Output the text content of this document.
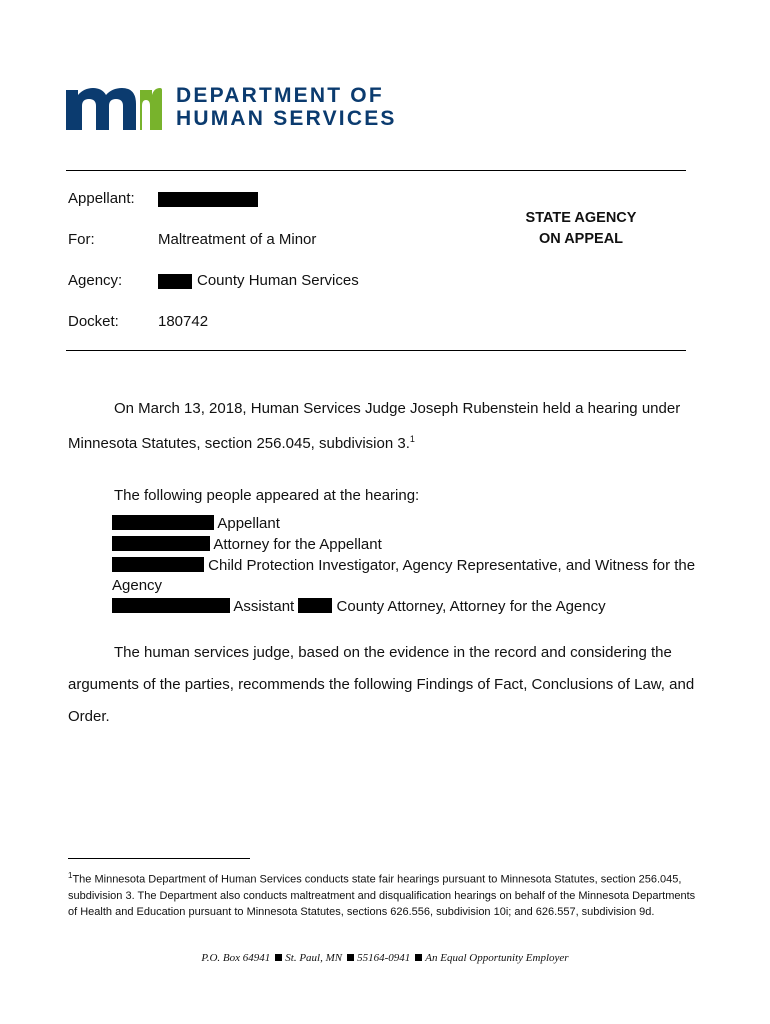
DEPARTMENT OF
HUMAN SERVICES
Appellant:
For:	Maltreatment of a Minor
Agency:	County Human Services
Docket:	180742
STATE AGENCY
ON APPEAL
On March 13, 2018, Human Services Judge Joseph Rubenstein held a hearing under Minnesota Statutes, section 256.045, subdivision 3.$^1$
The following people appeared at the hearing:
Appellant
Attorney for the Appellant
Child Protection Investigator, Agency Representative, and Witness for the Agency
Assistant	County Attorney, Attorney for the Agency
The human services judge, based on the evidence in the record and considering the arguments of the parties, recommends the following Findings of Fact, Conclusions of Law, and Order.
$^1$The Minnesota Department of Human Services conducts state fair hearings pursuant to Minnesota Statutes, section 256.045, subdivision 3. The Department also conducts maltreatment and disqualification hearings on behalf of the Minnesota Departments of Health and Education pursuant to Minnesota Statutes, sections 626.556, subdivision 10i; and 626.557, subdivision 9d.
P.O. Box 64941 St. Paul, MN 55164-0941 An Equal Opportunity Employer
